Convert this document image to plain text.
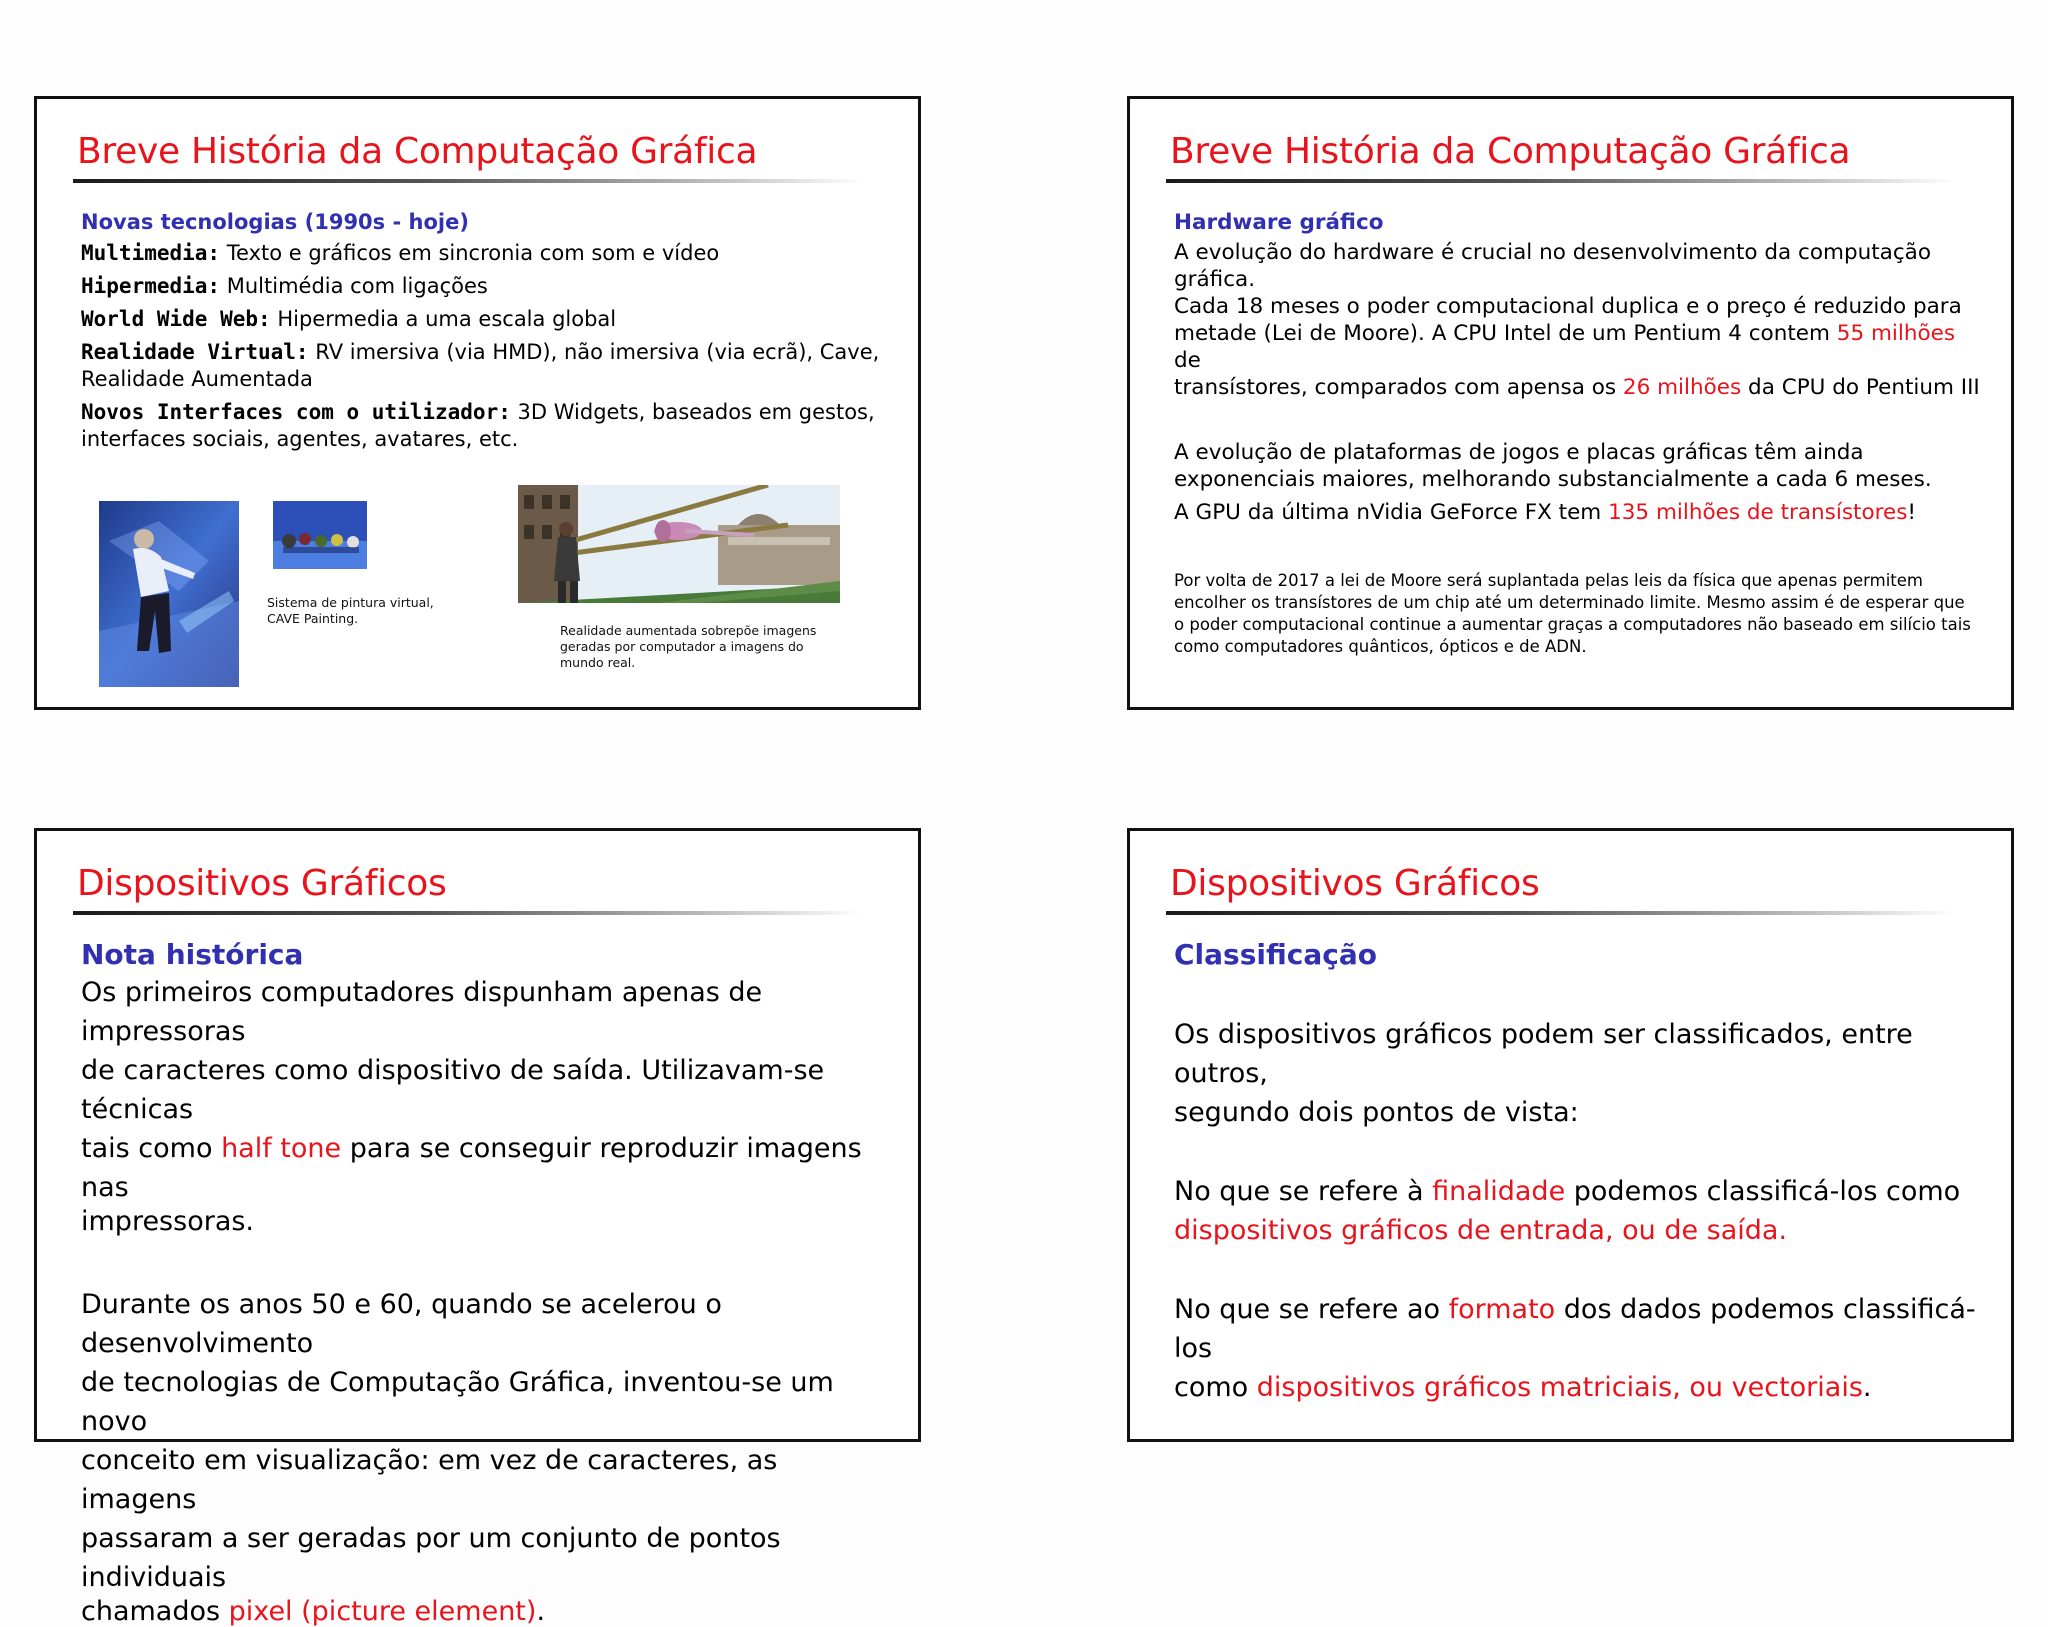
Breve História da Computação Gráfica
Novas tecnologias (1990s - hoje)
Multimedia: Texto e gráficos em sincronia com som e vídeo
Hipermedia: Multimédia com ligações
World Wide Web: Hipermedia a uma escala global
Realidade Virtual: RV imersiva (via HMD), não imersiva (via ecrã), Cave,
Realidade Aumentada
Novos Interfaces com o utilizador: 3D Widgets, baseados em gestos,
interfaces sociais, agentes, avatares, etc.
Sistema de pintura virtual,
CAVE Painting.
Realidade aumentada sobrepõe imagens
geradas por computador a imagens do
mundo real.
Breve História da Computação Gráfica
Hardware gráfico
A evolução do hardware é crucial no desenvolvimento da computação gráfica.
Cada 18 meses o poder computacional duplica e o preço é reduzido para
metade (Lei de Moore). A CPU Intel de um Pentium 4 contem 55 milhões de
transístores, comparados com apensa os 26 milhões da CPU do Pentium III
A evolução de plataformas de jogos e placas gráficas têm ainda
exponenciais maiores, melhorando substancialmente a cada 6 meses.
A GPU da última nVidia GeForce FX tem 135 milhões de transístores!
Por volta de 2017 a lei de Moore será suplantada pelas leis da física que apenas permitem
encolher os transístores de um chip até um determinado limite. Mesmo assim é de esperar que
o poder computacional continue a aumentar graças a computadores não baseado em silício tais
como computadores quânticos, ópticos e de ADN.
Dispositivos Gráficos
Nota histórica
Os primeiros computadores dispunham apenas de impressoras
de caracteres como dispositivo de saída. Utilizavam-se técnicas
tais como half tone para se conseguir reproduzir imagens nas
impressoras.
Durante os anos 50 e 60, quando se acelerou o desenvolvimento
de tecnologias de Computação Gráfica, inventou-se um novo
conceito em visualização: em vez de caracteres, as imagens
passaram a ser geradas por um conjunto de pontos individuais
chamados pixel (picture element).
Dispositivos Gráficos
Classificação
Os dispositivos gráficos podem ser classificados, entre outros,
segundo dois pontos de vista:
No que se refere à finalidade podemos classificá-los como
dispositivos gráficos de entrada, ou de saída.
No que se refere ao formato dos dados podemos classificá-los
como dispositivos gráficos matriciais, ou vectoriais.
